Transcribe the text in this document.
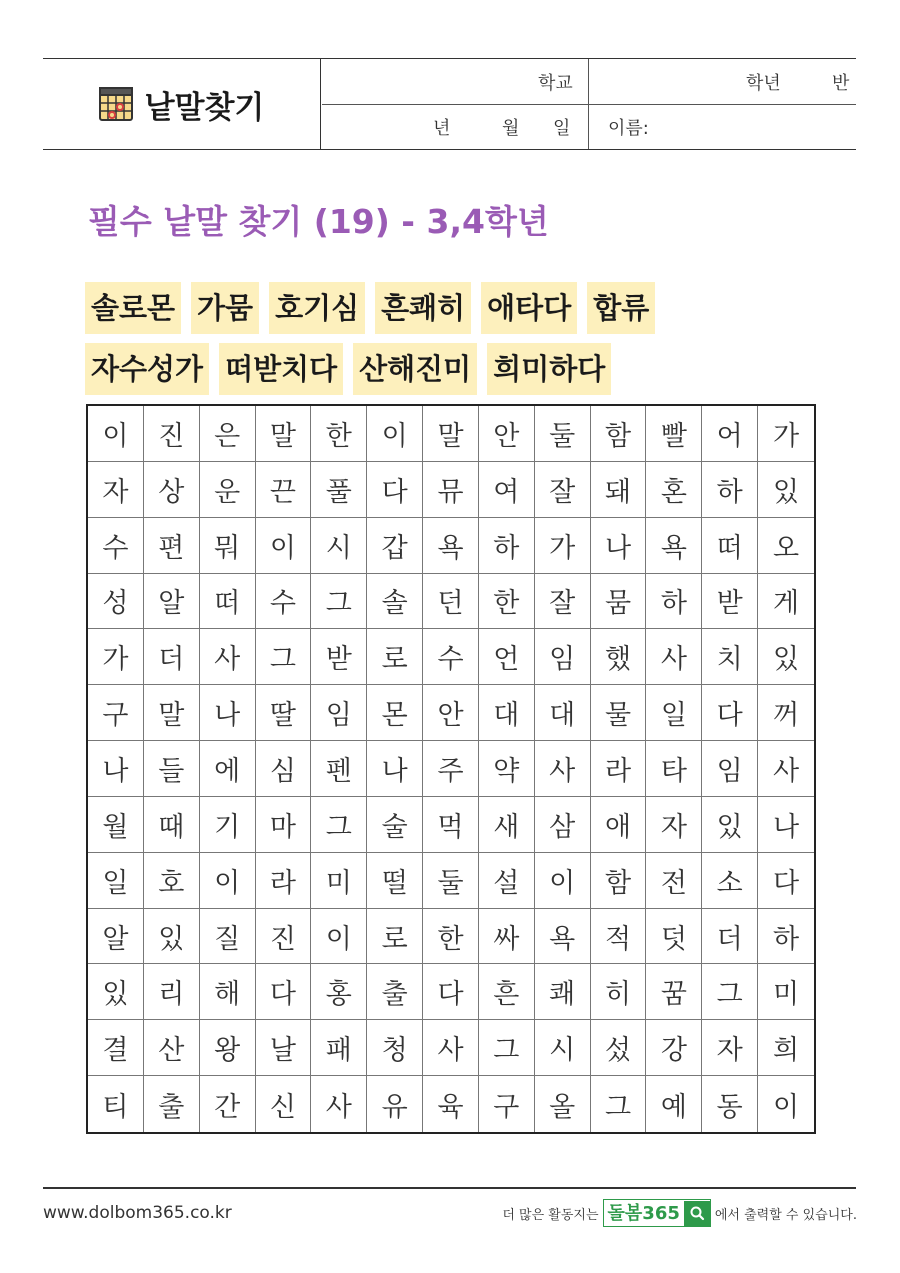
낱말찾기
학교	학년	반
년	월 일 이름:
필수 낱말 찾기 (19) - 3,4학년
솔로몬 가뭄 호기심 흔쾌히 애타다 합류
자수성가 떠받치다 산해진미 희미하다
이	진	은	말	한	이	말	안	둘	함	빨	어	가
자	상	운	끈	풀	다	뮤	여	잘	돼	혼	하	있
수	편	뭐	이	시	갑	욕	하	가	나	욕	떠	오
성	알	떠	수	그	솔	던	한	잘	뭄	하	받	게
가	더	사	그	받	로	수	언	임	했	사	치	있
구	말	나	딸	임	몬	안	대	대	물	일	다	꺼
나	들	에	심	펜	나	주	약	사	라	타	임	사
월	때	기	마	그	술	먹	새	삼	애	자	있	나
일	호	이	라	미	떨	둘	설	이	함	전	소	다
알	있	질	진	이	로	한	싸	욕	적	덧	더	하
있	리	해	다	홍	출	다	흔	쾌	히	꿈	그	미
결	산	왕	날	패	청	사	그	시	섰	강	자	희
티	출	간	신	사	유	육	구	올	그	예	동	이
www.dolbom365.co.kr	더 많은 활동지는 돌봄365	에서 출력할 수 있습니다.
